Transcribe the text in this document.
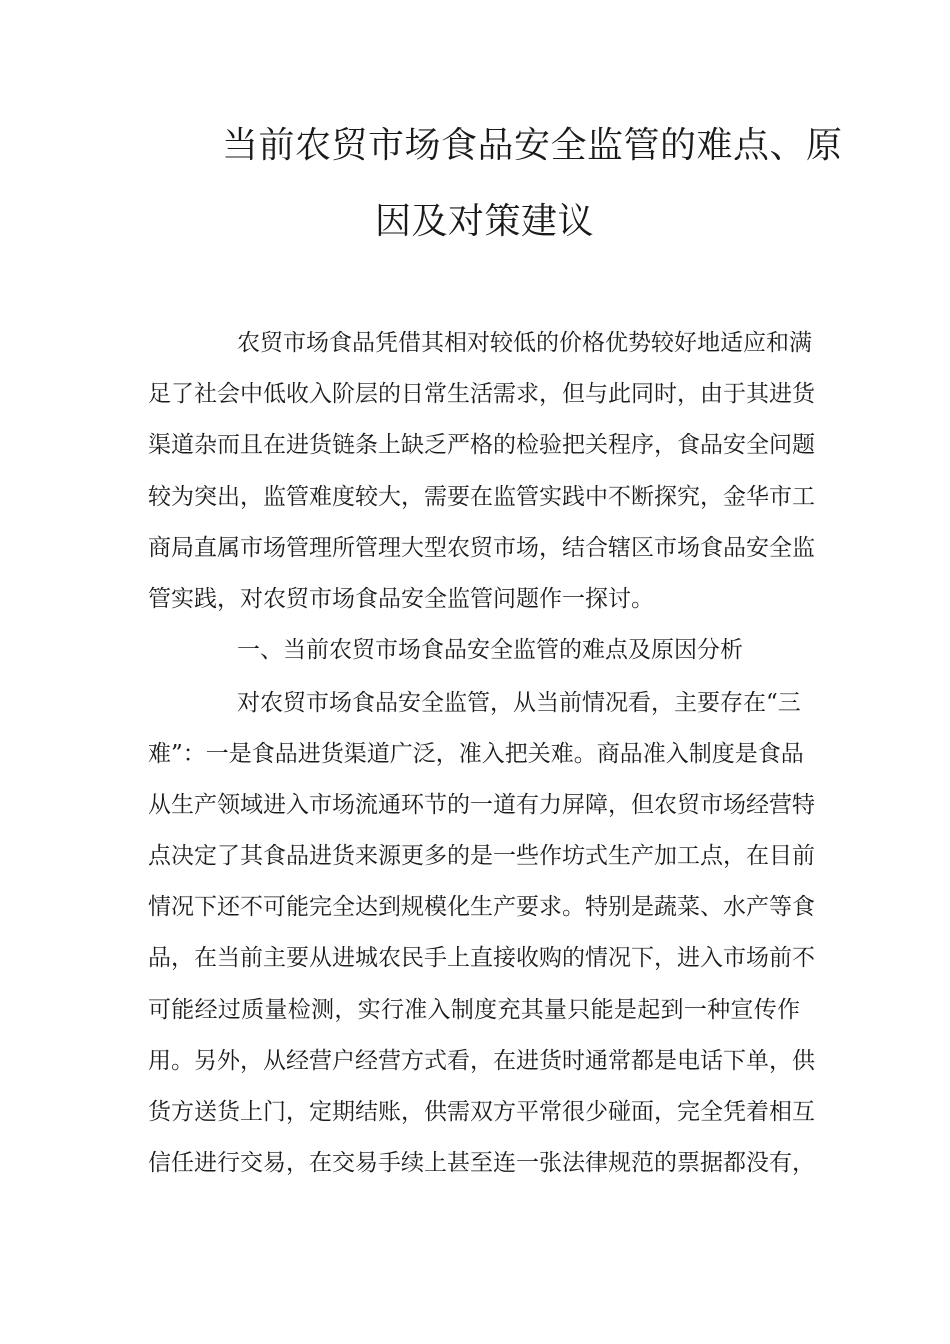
当前农贸市场食品安全监管的难点、原
因及对策建议
农贸市场食品凭借其相对较低的价格优势较好地适应和满
足了社会中低收入阶层的日常生活需求，但与此同时，由于其进货
渠道杂而且在进货链条上缺乏严格的检验把关程序，食品安全问题
较为突出，监管难度较大，需要在监管实践中不断探究，金华市工
商局直属市场管理所管理大型农贸市场，结合辖区市场食品安全监
管实践，对农贸市场食品安全监管问题作一探讨。
一、当前农贸市场食品安全监管的难点及原因分析
对农贸市场食品安全监管，从当前情况看，主要存在“三
难”：一是食品进货渠道广泛，准入把关难。商品准入制度是食品
从生产领域进入市场流通环节的一道有力屏障，但农贸市场经营特
点决定了其食品进货来源更多的是一些作坊式生产加工点，在目前
情况下还不可能完全达到规模化生产要求。特别是蔬菜、水产等食
品，在当前主要从进城农民手上直接收购的情况下，进入市场前不
可能经过质量检测，实行准入制度充其量只能是起到一种宣传作
用。另外，从经营户经营方式看，在进货时通常都是电话下单，供
货方送货上门，定期结账，供需双方平常很少碰面，完全凭着相互
信任进行交易，在交易手续上甚至连一张法律规范的票据都没有，
